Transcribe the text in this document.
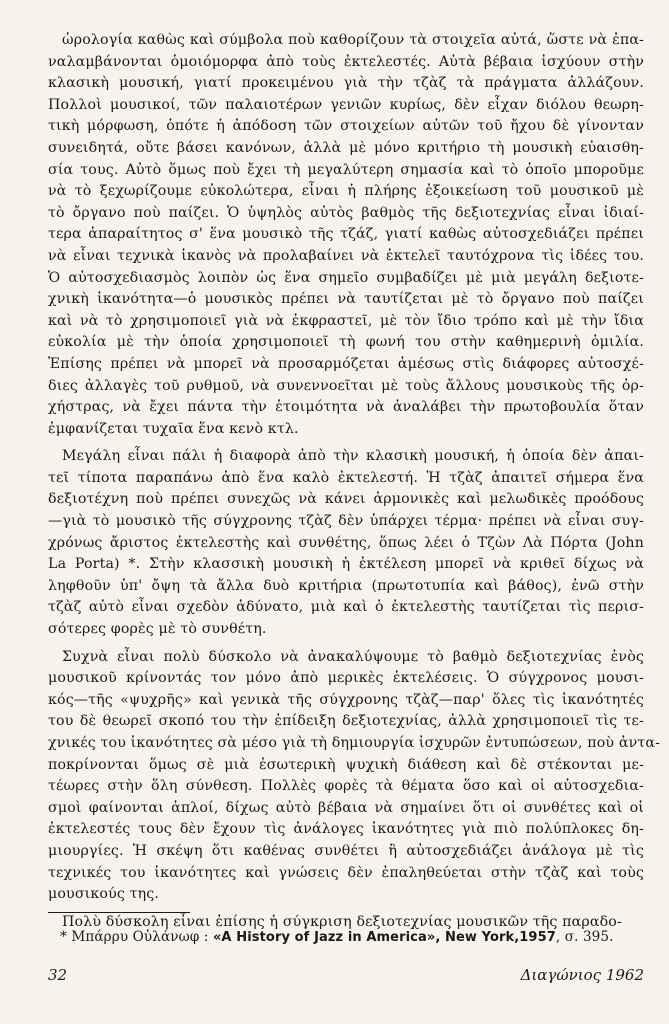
ὡρολογία καθὼς καὶ σύμβολα ποὺ καθορίζουν τὰ στοιχεῖα αὐτά, ὥστε νὰ ἐπα-
ναλαμβάνονται ὁμοιόμορφα ἀπὸ τοὺς ἐκτελεστές. Αὐτὰ βέβαια ἰσχύουν στὴν
κλασικὴ μουσική, γιατί προκειμένου γιὰ τὴν τζὰζ τὰ πράγματα ἀλλάζουν.
Πολλοὶ μουσικοί, τῶν παλαιοτέρων γενιῶν κυρίως, δὲν εἶχαν διόλου θεωρη-
τικὴ μόρφωση, ὁπότε ἡ ἀπόδοση τῶν στοιχείων αὐτῶν τοῦ ἤχου δὲ γίνονταν
συνειδητά, οὔτε βάσει κανόνων, ἀλλὰ μὲ μόνο κριτήριο τὴ μουσικὴ εὐαισθη-
σία τους. Αὐτὸ ὅμως ποὺ ἔχει τὴ μεγαλύτερη σημασία καὶ τὸ ὁποῖο μποροῦμε
νὰ τὸ ξεχωρίζουμε εὐκολώτερα, εἶναι ἡ πλήρης ἐξοικείωση τοῦ μουσικοῦ μὲ
τὸ ὄργανο ποὺ παίζει. Ὁ ὑψηλὸς αὐτὸς βαθμὸς τῆς δεξιοτεχνίας εἶναι ἰδιαί-
τερα ἀπαραίτητος σ' ἕνα μουσικὸ τῆς τζάζ, γιατί καθὼς αὐτοσχεδιάζει πρέπει
νὰ εἶναι τεχνικὰ ἱκανὸς νὰ προλαβαίνει νὰ ἐκτελεῖ ταυτόχρονα τὶς ἰδέες του.
Ὁ αὐτοσχεδιασμὸς λοιπὸν ὡς ἕνα σημεῖο συμβαδίζει μὲ μιὰ μεγάλη δεξιοτε-
χνικὴ ἱκανότητα—ὁ μουσικὸς πρέπει νὰ ταυτίζεται μὲ τὸ ὄργανο ποὺ παίζει
καὶ νὰ τὸ χρησιμοποιεῖ γιὰ νὰ ἐκφραστεῖ, μὲ τὸν ἴδιο τρόπο καὶ μὲ τὴν ἴδια
εὐκολία μὲ τὴν ὁποία χρησιμοποιεῖ τὴ φωνή του στὴν καθημερινὴ ὁμιλία.
Ἐπίσης πρέπει νὰ μπορεῖ νὰ προσαρμόζεται ἀμέσως στὶς διάφορες αὐτοσχέ-
διες ἀλλαγὲς τοῦ ρυθμοῦ, νὰ συνεννοεῖται μὲ τοὺς ἄλλους μουσικοὺς τῆς ὀρ-
χήστρας, νὰ ἔχει πάντα τὴν ἑτοιμότητα νὰ ἀναλάβει τὴν πρωτοβουλία ὅταν
ἐμφανίζεται τυχαῖα ἕνα κενὸ κτλ.

Μεγάλη εἶναι πάλι ἡ διαφορὰ ἀπὸ τὴν κλασικὴ μουσική, ἡ ὁποία δὲν ἀπαι-
τεῖ τίποτα παραπάνω ἀπὸ ἕνα καλὸ ἐκτελεστή. Ἡ τζὰζ ἀπαιτεῖ σήμερα ἕνα
δεξιοτέχνη ποὺ πρέπει συνεχῶς νὰ κάνει ἁρμονικὲς καὶ μελωδικὲς προόδους
—γιὰ τὸ μουσικὸ τῆς σύγχρονης τζὰζ δὲν ὑπάρχει τέρμα· πρέπει νὰ εἶναι συγ-
χρόνως ἄριστος ἐκτελεστὴς καὶ συνθέτης, ὅπως λέει ὁ Τζὼν Λὰ Πόρτα (John
La Porta) *. Στὴν κλασσικὴ μουσικὴ ἡ ἐκτέλεση μπορεῖ νὰ κριθεῖ δίχως νὰ
ληφθοῦν ὑπ' ὄψη τὰ ἄλλα δυὸ κριτήρια (πρωτοτυπία καὶ βάθος), ἐνῶ στὴν
τζὰζ αὐτὸ εἶναι σχεδὸν ἀδύνατο, μιὰ καὶ ὁ ἐκτελεστὴς ταυτίζεται τὶς περισ-
σότερες φορὲς μὲ τὸ συνθέτη.

Συχνὰ εἶναι πολὺ δύσκολο νὰ ἀνακαλύψουμε τὸ βαθμὸ δεξιοτεχνίας ἑνὸς
μουσικοῦ κρίνοντάς τον μόνο ἀπὸ μερικὲς ἐκτελέσεις. Ὁ σύγχρονος μουσι-
κός—τῆς «ψυχρῆς» καὶ γενικὰ τῆς σύγχρονης τζὰζ—παρ' ὅλες τὶς ἱκανότητές
του δὲ θεωρεῖ σκοπό του τὴν ἐπίδειξη δεξιοτεχνίας, ἀλλὰ χρησιμοποιεῖ τὶς τε-
χνικές του ἱκανότητες σὰ μέσο γιὰ τὴ δημιουργία ἰσχυρῶν ἐντυπώσεων, ποὺ ἀντα-
ποκρίνονται ὅμως σὲ μιὰ ἐσωτερικὴ ψυχικὴ διάθεση καὶ δὲ στέκονται με-
τέωρες στὴν ὅλη σύνθεση. Πολλὲς φορὲς τὰ θέματα ὅσο καὶ οἱ αὐτοσχεδια-
σμοὶ φαίνονται ἁπλοί, δίχως αὐτὸ βέβαια νὰ σημαίνει ὅτι οἱ συνθέτες καὶ οἱ
ἐκτελεστές τους δὲν ἔχουν τὶς ἀνάλογες ἱκανότητες γιὰ πιὸ πολύπλοκες δη-
μιουργίες. Ἡ σκέψη ὅτι καθένας συνθέτει ἢ αὐτοσχεδιάζει ἀνάλογα μὲ τὶς
τεχνικές του ἱκανότητες καὶ γνώσεις δὲν ἐπαληθεύεται στὴν τζὰζ καὶ τοὺς
μουσικούς της.

Πολὺ δύσκολη εἶναι ἐπίσης ἡ σύγκριση δεξιοτεχνίας μουσικῶν τῆς παραδο-

* Μπάρρυ Οὐλάνωφ : «A History of Jazz in America», New York,1957, σ. 395.
32	Διαγώνιος 1962
